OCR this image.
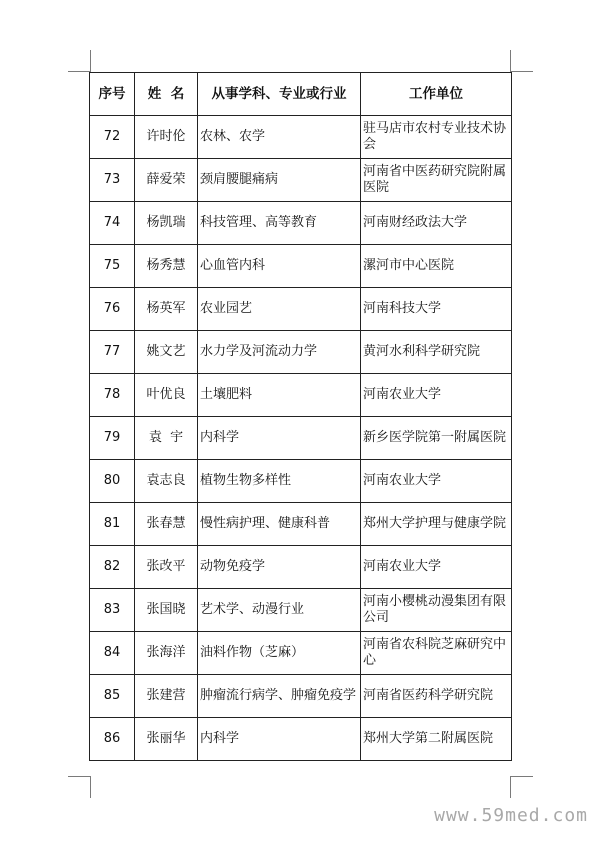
序号	姓  名	从事学科、专业或行业	工作单位
72	许时伦	农林、农学	驻马店市农村专业技术协会
73	薛爱荣	颈肩腰腿痛病	河南省中医药研究院附属医院
74	杨凯瑞	科技管理、高等教育	河南财经政法大学
75	杨秀慧	心血管内科	漯河市中心医院
76	杨英军	农业园艺	河南科技大学
77	姚文艺	水力学及河流动力学	黄河水利科学研究院
78	叶优良	土壤肥料	河南农业大学
79	袁  宇	内科学	新乡医学院第一附属医院
80	袁志良	植物生物多样性	河南农业大学
81	张春慧	慢性病护理、健康科普	郑州大学护理与健康学院
82	张改平	动物免疫学	河南农业大学
83	张国晓	艺术学、动漫行业	河南小樱桃动漫集团有限公司
84	张海洋	油料作物（芝麻）	河南省农科院芝麻研究中心
85	张建营	肿瘤流行病学、肿瘤免疫学	河南省医药科学研究院
86	张丽华	内科学	郑州大学第二附属医院
www.59med.com
